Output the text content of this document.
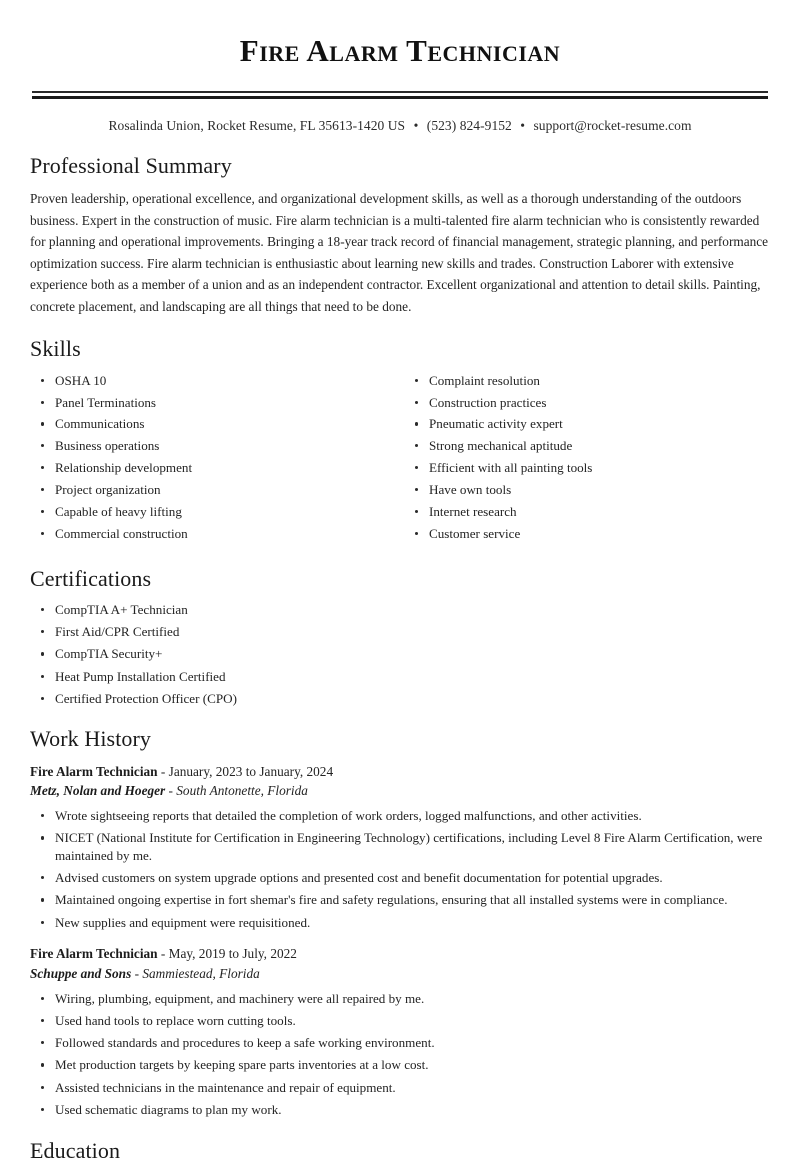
Fire Alarm Technician
Rosalinda Union, Rocket Resume, FL 35613-1420 US • (523) 824-9152 • support@rocket-resume.com
Professional Summary

Proven leadership, operational excellence, and organizational development skills, as well as a thorough understanding of the outdoors business. Expert in the construction of music. Fire alarm technician is a multi-talented fire alarm technician who is consistently rewarded for planning and operational improvements. Bringing a 18-year track record of financial management, strategic planning, and performance optimization success. Fire alarm technician is enthusiastic about learning new skills and trades. Construction Laborer with extensive experience both as a member of a union and as an independent contractor. Excellent organizational and attention to detail skills. Painting, concrete placement, and landscaping are all things that need to be done.

Skills
OSHA 10
Panel Terminations
Communications
Business operations
Relationship development
Project organization
Capable of heavy lifting
Commercial construction
Complaint resolution
Construction practices
Pneumatic activity expert
Strong mechanical aptitude
Efficient with all painting tools
Have own tools
Internet research
Customer service
Certifications
CompTIA A+ Technician
First Aid/CPR Certified
CompTIA Security+
Heat Pump Installation Certified
Certified Protection Officer (CPO)
Work History
Fire Alarm Technician - January, 2023 to January, 2024
Metz, Nolan and Hoeger - South Antonette, Florida
Wrote sightseeing reports that detailed the completion of work orders, logged malfunctions, and other activities.
NICET (National Institute for Certification in Engineering Technology) certifications, including Level 8 Fire Alarm Certification, were maintained by me.
Advised customers on system upgrade options and presented cost and benefit documentation for potential upgrades.
Maintained ongoing expertise in fort shemar's fire and safety regulations, ensuring that all installed systems were in compliance.
New supplies and equipment were requisitioned.
Fire Alarm Technician - May, 2019 to July, 2022
Schuppe and Sons - Sammiestead, Florida
Wiring, plumbing, equipment, and machinery were all repaired by me.
Used hand tools to replace worn cutting tools.
Followed standards and procedures to keep a safe working environment.
Met production targets by keeping spare parts inventories at a low cost.
Assisted technicians in the maintenance and repair of equipment.
Used schematic diagrams to plan my work.
Education
